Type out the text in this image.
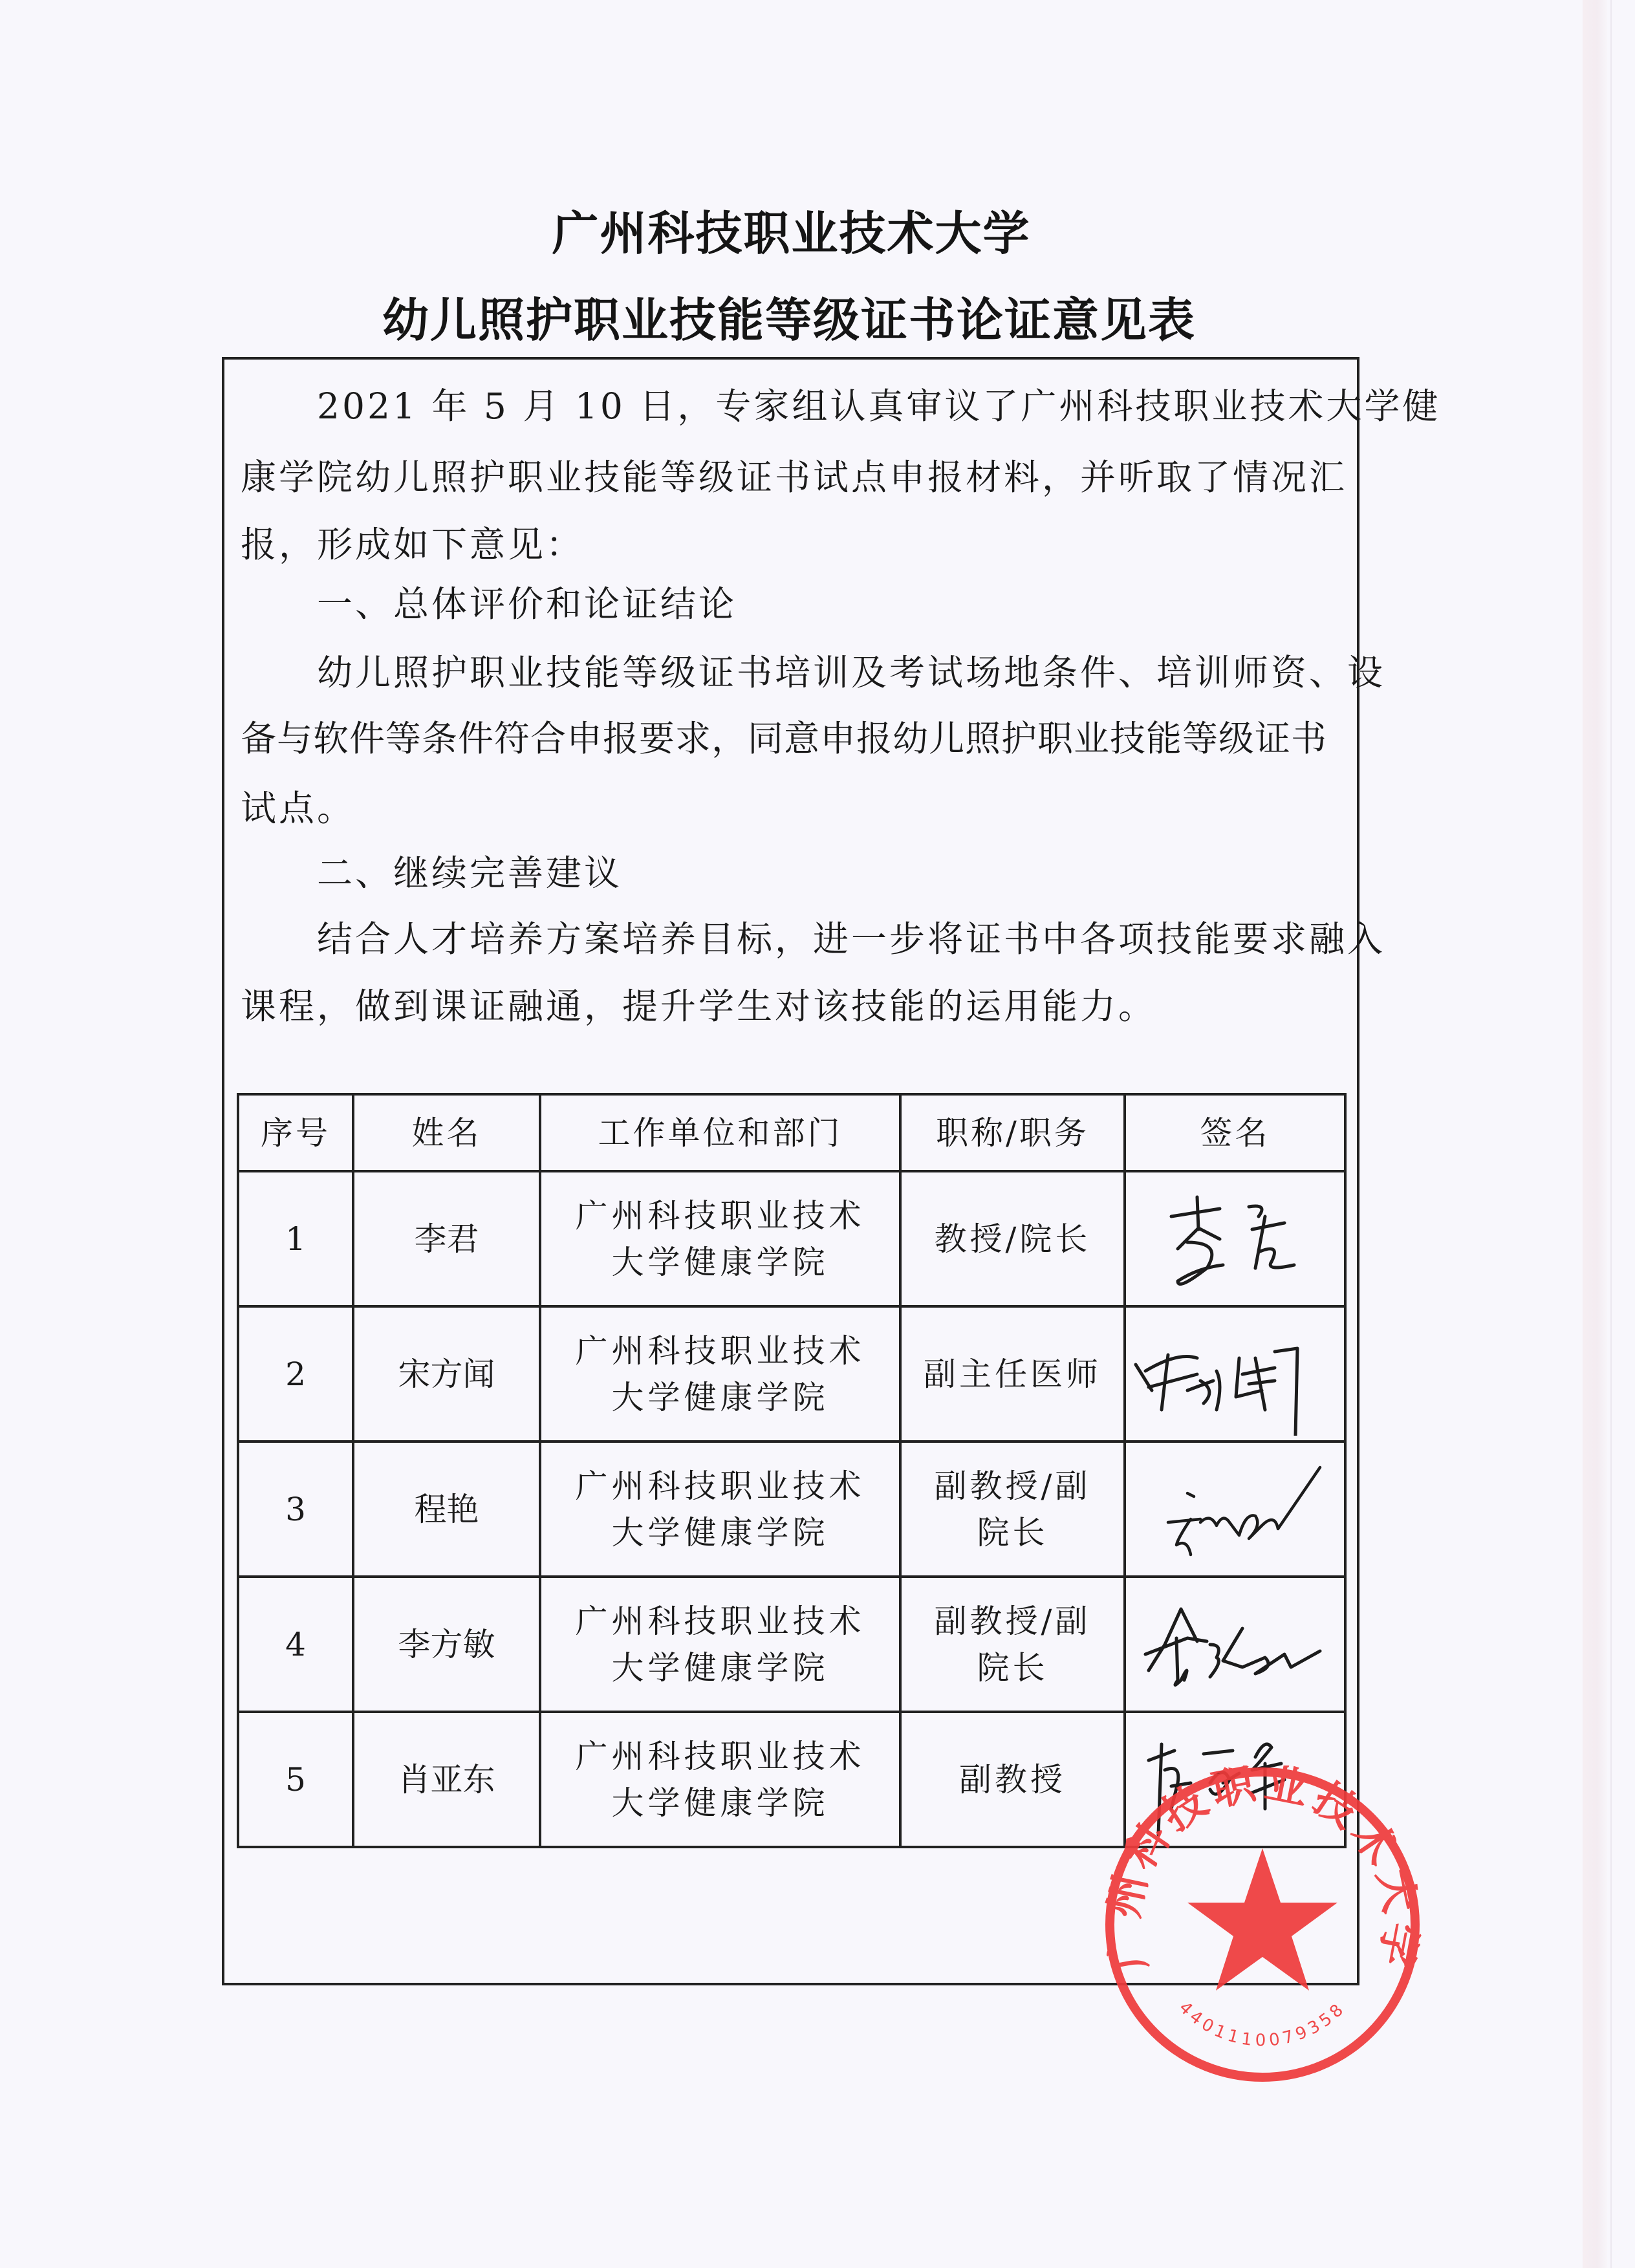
广州科技职业技术大学
幼儿照护职业技能等级证书论证意见表
2021 年 5 月 10 日，专家组认真审议了广州科技职业技术大学健
康学院幼儿照护职业技能等级证书试点申报材料，并听取了情况汇
报，形成如下意见：
一、总体评价和论证结论
幼儿照护职业技能等级证书培训及考试场地条件、培训师资、设
备与软件等条件符合申报要求，同意申报幼儿照护职业技能等级证书
试点。
二、继续完善建议
结合人才培养方案培养目标，进一步将证书中各项技能要求融入
课程，做到课证融通，提升学生对该技能的运用能力。
序号	姓名	工作单位和部门	职称/职务	签名
1	李君	广州科技职业技术
大学健康学院	教授/院长

2	宋方闻	广州科技职业技术
大学健康学院	副主任医师

3	程艳	广州科技职业技术
大学健康学院	副教授/副
院长

4	李方敏	广州科技职业技术
大学健康学院	副教授/副
院长

5	肖亚东	广州科技职业技术
大学健康学院	副教授

广州科技职业技术大学
4401110079358
